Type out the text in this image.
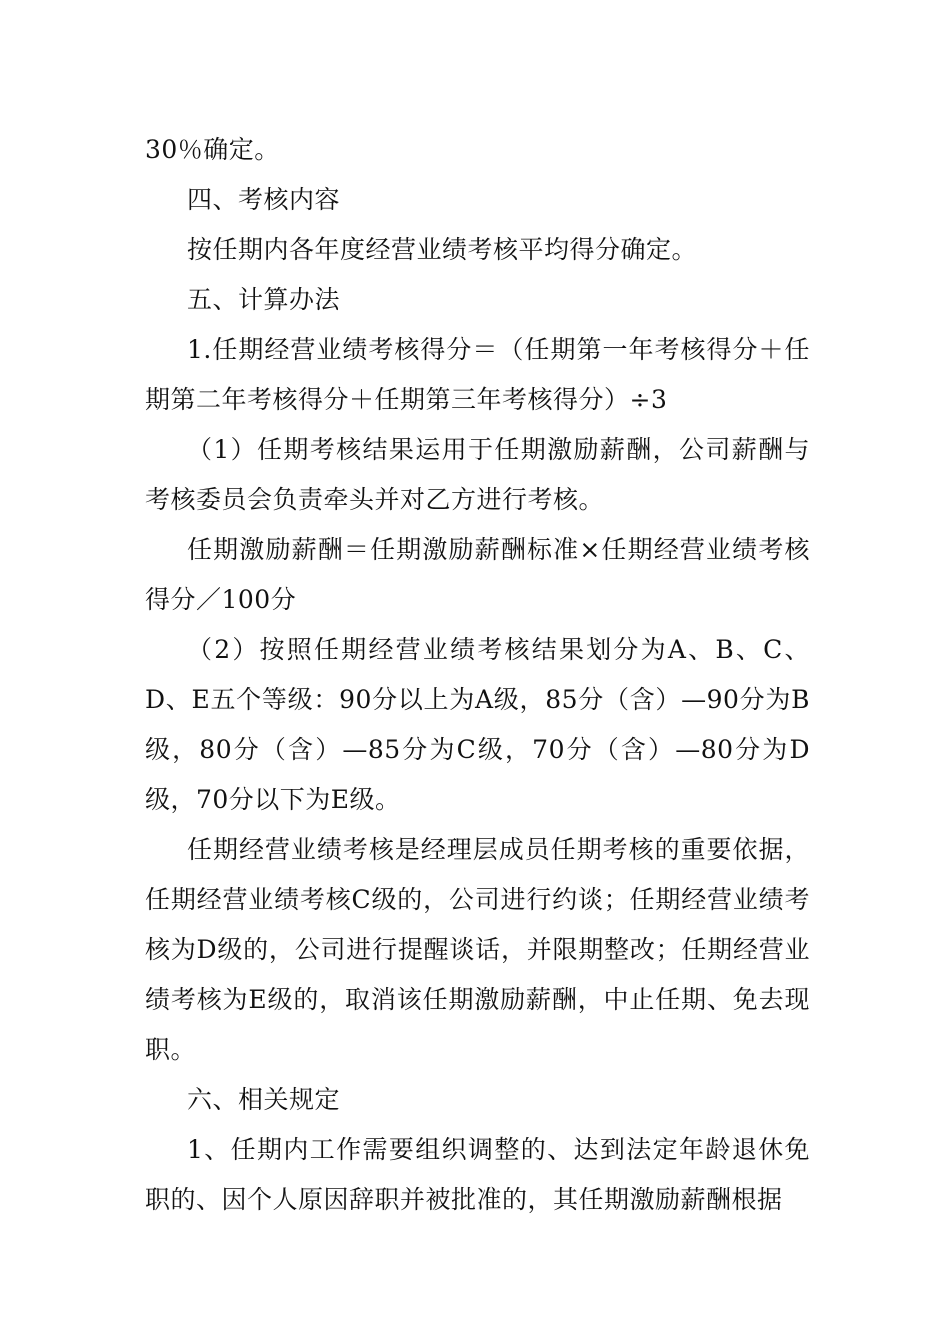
30％确定。

四、考核内容

按任期内各年度经营业绩考核平均得分确定。

五、计算办法

1.任期经营业绩考核得分＝（任期第一年考核得分＋任期第二年考核得分＋任期第三年考核得分）÷3

（1）任期考核结果运用于任期激励薪酬，公司薪酬与考核委员会负责牵头并对乙方进行考核。

任期激励薪酬＝任期激励薪酬标准×任期经营业绩考核得分／100分

（2）按照任期经营业绩考核结果划分为A、B、C、D、E五个等级：90分以上为A级，85分（含）—90分为B级，80分（含）—85分为C级，70分（含）—80分为D级，70分以下为E级。

任期经营业绩考核是经理层成员任期考核的重要依据，任期经营业绩考核C级的，公司进行约谈；任期经营业绩考核为D级的，公司进行提醒谈话，并限期整改；任期经营业绩考核为E级的，取消该任期激励薪酬，中止任期、免去现职。

六、相关规定

1、任期内工作需要组织调整的、达到法定年龄退休免职的、因个人原因辞职并被批准的，其任期激励薪酬根据
